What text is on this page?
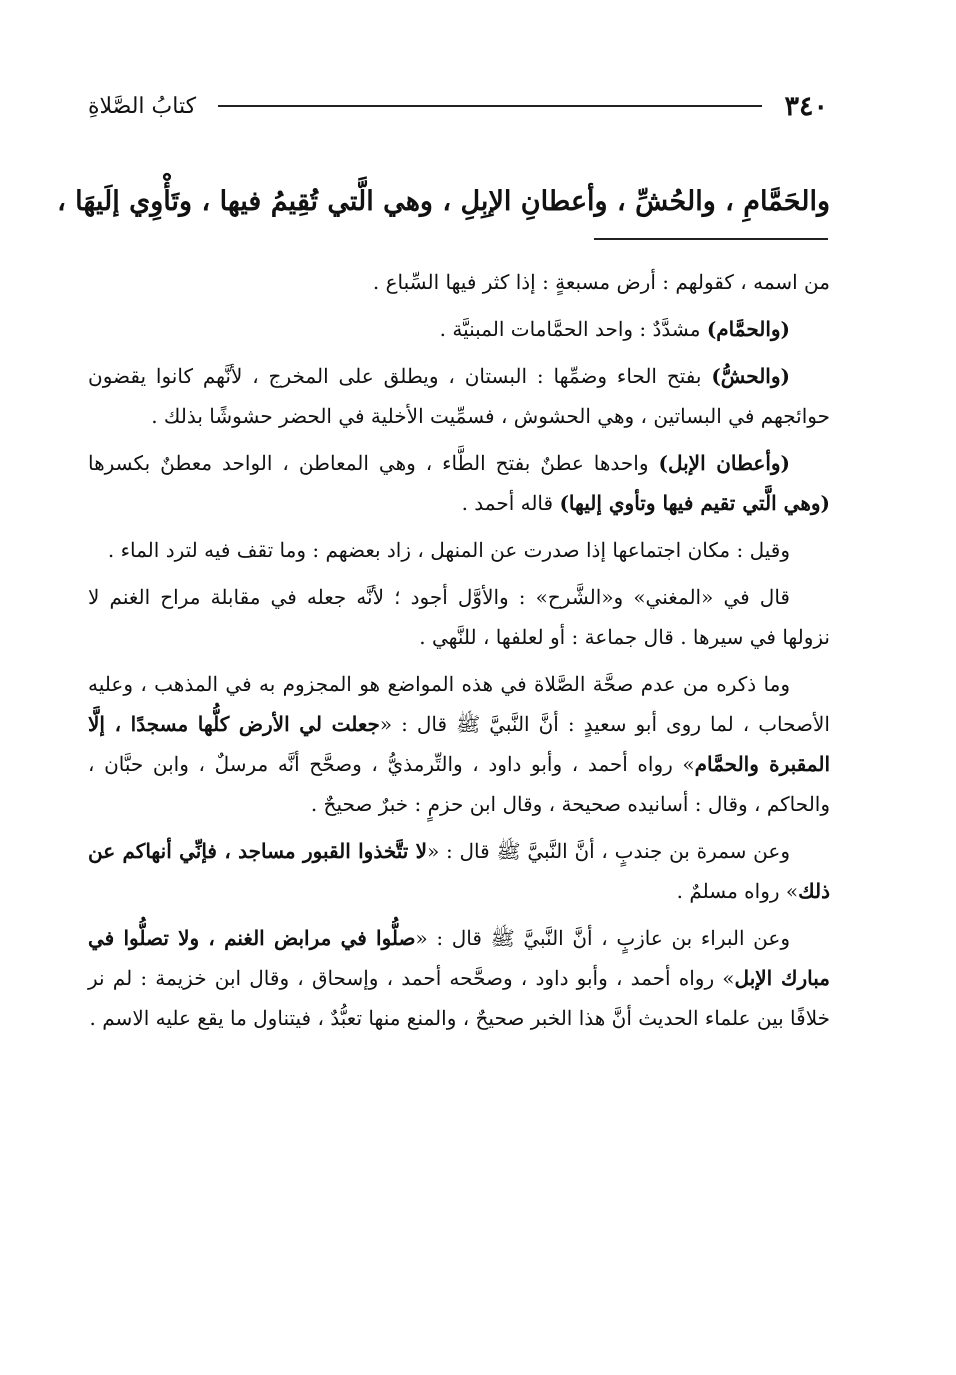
٣٤٠
كتابُ الصَّلاةِ
والحَمَّامِ ، والحُشِّ ، وأعطانِ الإبِلِ ، وهي الَّتي تُقِيمُ فيها ، وتَأْوِي إلَيهَا ،

من اسمه ، كقولهم : أرض مسبعةٍ : إذا كثر فيها السِّباع .

(والحمَّام) مشدَّدٌ : واحد الحمَّامات المبنيَّة .

(والحشُّ) بفتح الحاء وضمِّها : البستان ، ويطلق على المخرج ، لأنَّهم كانوا يقضون حوائجهم في البساتين ، وهي الحشوش ، فسمِّيت الأخلية في الحضر حشوشًا بذلك .

(وأعطان الإبل) واحدها عطنٌ بفتح الطَّاء ، وهي المعاطن ، الواحد معطنٌ بكسرها (وهي الَّتي تقيم فيها وتأوي إليها) قاله أحمد .

وقيل : مكان اجتماعها إذا صدرت عن المنهل ، زاد بعضهم : وما تقف فيه لترد الماء .

قال في «المغني» و«الشَّرح» : والأوَّل أجود ؛ لأنَّه جعله في مقابلة مراح الغنم لا نزولها في سيرها . قال جماعة : أو لعلفها ، للنَّهي .

وما ذكره من عدم صحَّة الصَّلاة في هذه المواضع هو المجزوم به في المذهب ، وعليه الأصحاب ، لما روى أبو سعيدٍ : أنَّ النَّبيَّ ﷺ قال : «جعلت لي الأرض كلُّها مسجدًا ، إلَّا المقبرة والحمَّام» رواه أحمد ، وأبو داود ، والتِّرمذيُّ ، وصحَّح أنَّه مرسلٌ ، وابن حبَّان ، والحاكم ، وقال : أسانيده صحيحة ، وقال ابن حزمٍ : خبرٌ صحيحٌ .

وعن سمرة بن جندبٍ ، أنَّ النَّبيَّ ﷺ قال : «لا تتَّخذوا القبور مساجد ، فإنِّي أنهاكم عن ذلك» رواه مسلمٌ .

وعن البراء بن عازبٍ ، أنَّ النَّبيَّ ﷺ قال : «صلُّوا في مرابض الغنم ، ولا تصلُّوا في مبارك الإبل» رواه أحمد ، وأبو داود ، وصحَّحه أحمد ، وإسحاق ، وقال ابن خزيمة : لم نر خلافًا بين علماء الحديث أنَّ هذا الخبر صحيحٌ ، والمنع منها تعبُّدٌ ، فيتناول ما يقع عليه الاسم .
